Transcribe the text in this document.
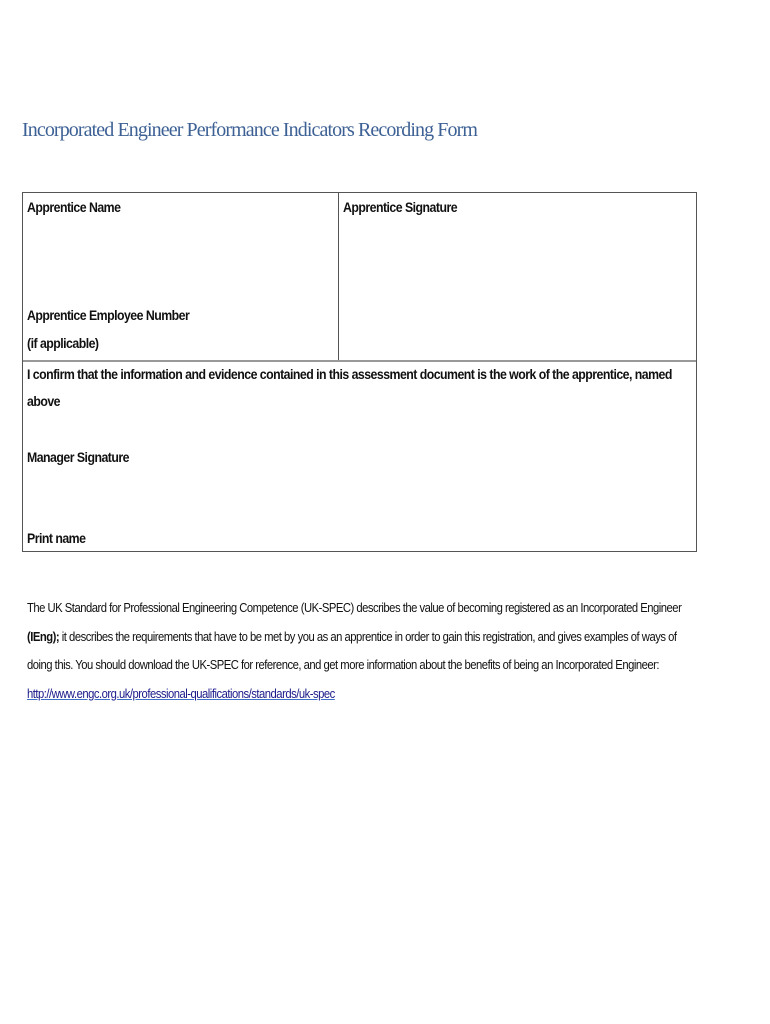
Incorporated Engineer Performance Indicators Recording Form
Apprentice Name	Apprentice Signature
Apprentice Employee Number
(if applicable)
I confirm that the information and evidence contained in this assessment document is the work of the apprentice, named
above
Manager Signature
Print name
The UK Standard for Professional Engineering Competence (UK-SPEC) describes the value of becoming registered as an Incorporated Engineer
(IEng); it describes the requirements that have to be met by you as an apprentice in order to gain this registration, and gives examples of ways of
doing this. You should download the UK-SPEC for reference, and get more information about the benefits of being an Incorporated Engineer:
http://www.engc.org.uk/professional-qualifications/standards/uk-spec
